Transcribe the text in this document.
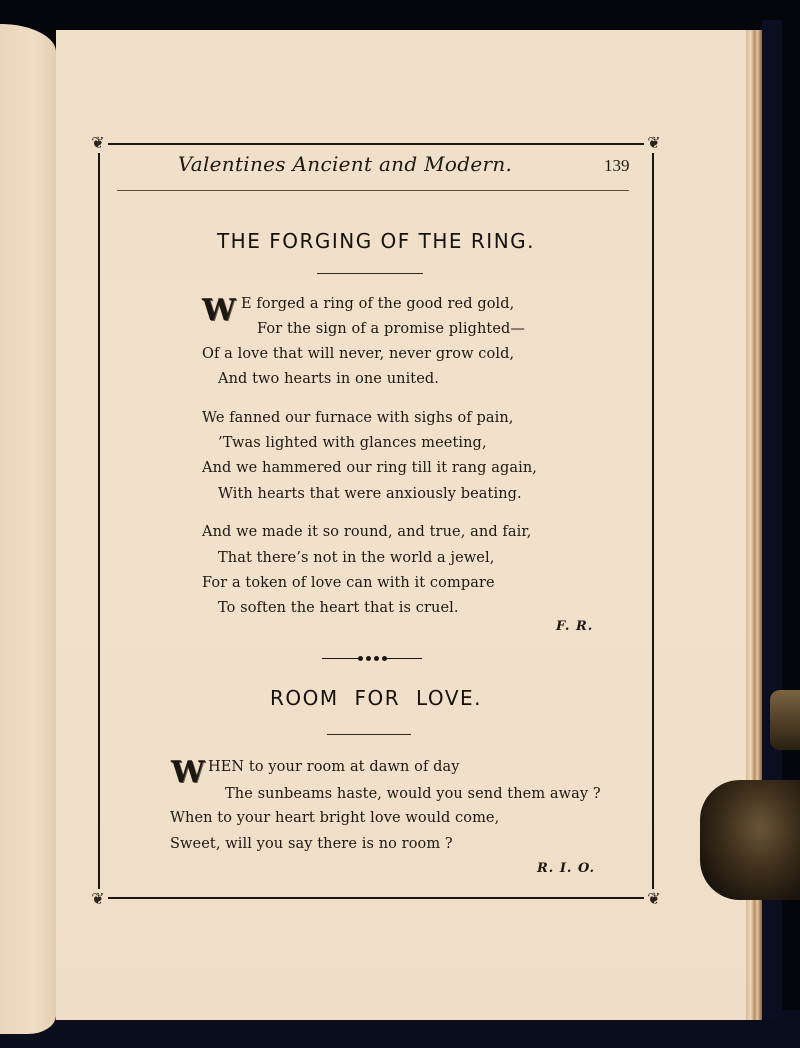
❦	❦
❦	❦
Valentines Ancient and Modern.	139
THE FORGING OF THE RING.
W E forged a ring of the good red gold,
For the sign of a promise plighted—
Of a love that will never, never grow cold,
And two hearts in one united.
We fanned our furnace with sighs of pain,
’Twas lighted with glances meeting,
And we hammered our ring till it rang again,
With hearts that were anxiously beating.
And we made it so round, and true, and fair,
That there’s not in the world a jewel,
For a token of love can with it compare
To soften the heart that is cruel.
F. R.
ROOM FOR LOVE.
W HEN to your room at dawn of day
The sunbeams haste, would you send them away ?
When to your heart bright love would come,
Sweet, will you say there is no room ?
R. I. O.
